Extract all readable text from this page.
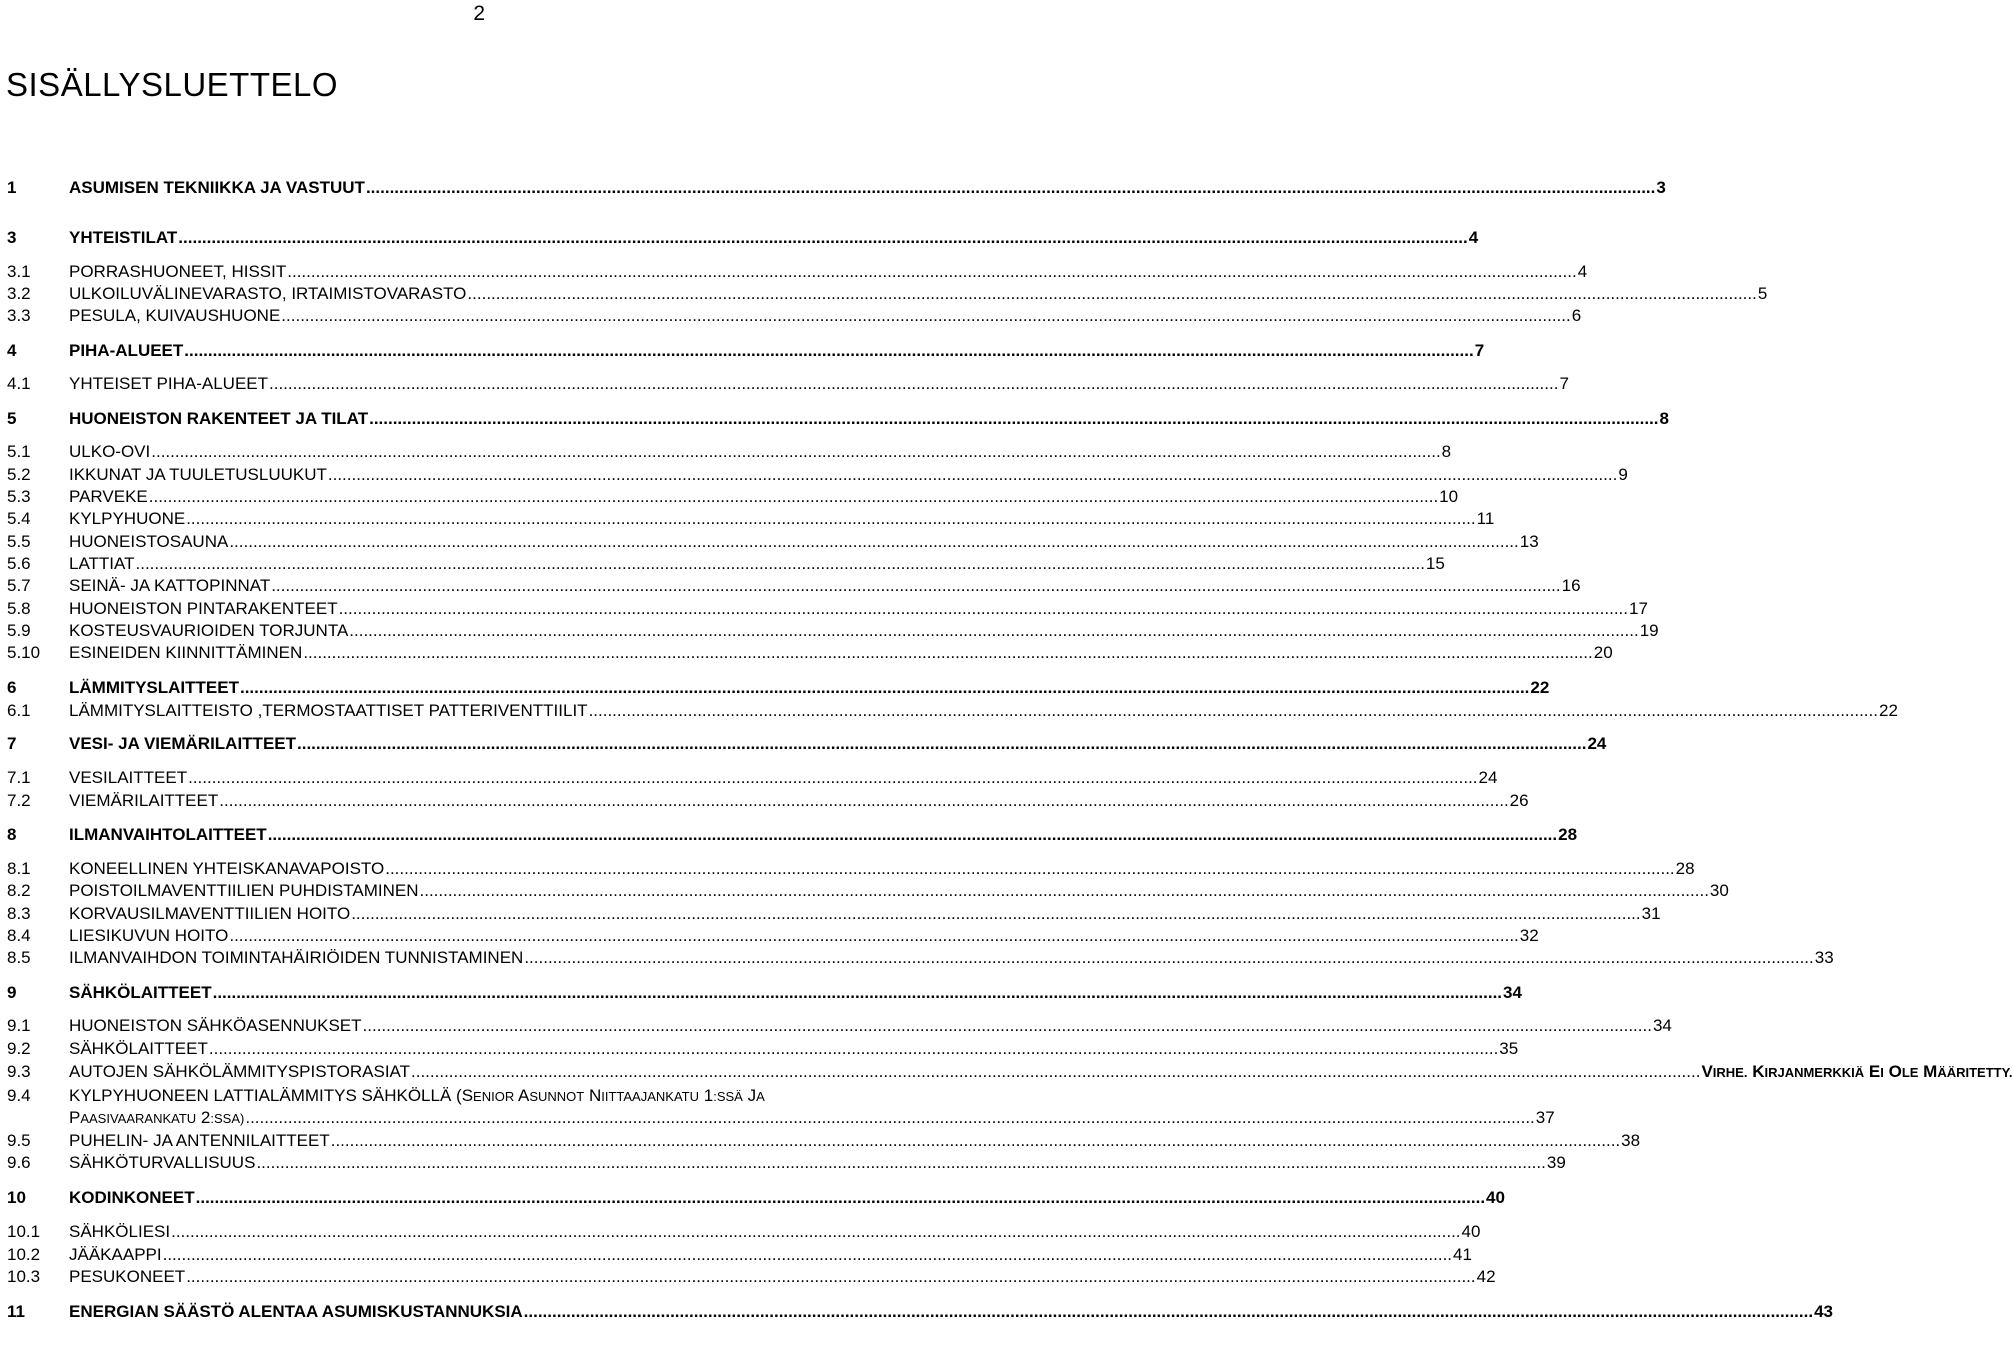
2
SISÄLLYSLUETTELO
1	ASUMISEN TEKNIIKKA JA VASTUUT .....	3
3	YHTEISTILAT .....	4
3.1	PORRASHUONEET, HISSIT .....	4
3.2	ULKOILUVÄLINEVARASTO, IRTAIMISTOVARASTO .....	5
3.3	PESULA, KUIVAUSHUONE .....	6
4	PIHA-ALUEET .....	7
4.1	YHTEISET PIHA-ALUEET .....	7
5	HUONEISTON RAKENTEET JA TILAT .....	8
5.1	ULKO-OVI .....	8
5.2	IKKUNAT JA TUULETUSLUUKUT .....	9
5.3	PARVEKE .....	10
5.4	KYLPYHUONE .....	11
5.5	HUONEISTOSAUNA .....	13
5.6	LATTIAT .....	15
5.7	SEINÄ- JA KATTOPINNAT .....	16
5.8	HUONEISTON PINTARAKENTEET .....	17
5.9	KOSTEUSVAURIOIDEN TORJUNTA .....	19
5.10	ESINEIDEN KIINNITTÄMINEN .....	20
6	LÄMMITYSLAITTEET .....	22
6.1	LÄMMITYSLAITTEISTO ,TERMOSTAATTISET PATTERIVENTTIILIT .....	22
7	VESI- JA VIEMÄRILAITTEET .....	24
7.1	VESILAITTEET .....	24
7.2	VIEMÄRILAITTEET .....	26
8	ILMANVAIHTOLAITTEET .....	28
8.1	KONEELLINEN YHTEISKANAVAPOISTO .....	28
8.2	POISTOILMAVENTTIILIEN PUHDISTAMINEN .....	30
8.3	KORVAUSILMAVENTTIILIEN HOITO .....	31
8.4	LIESIKUVUN HOITO .....	32
8.5	ILMANVAIHDON TOIMINTAHÄIRIÖIDEN TUNNISTAMINEN .....	33
9	SÄHKÖLAITTEET .....	34
9.1	HUONEISTON SÄHKÖASENNUKSET .....	34
9.2	SÄHKÖLAITTEET .....	35
9.3	AUTOJEN SÄHKÖLÄMMITYSPISTORASIAT .....	VIRHE. KIRJANMERKKIÄ EI OLE MÄÄRITETTY.
9.4	KYLPYHUONEEN LATTIALÄMMITYS SÄHKÖLLÄ (SENIOR ASUNNOT NIITTAAJANKATU 1:SSÄ JA
PAASIVAARANKATU 2:SSA) .....	37
9.5	PUHELIN- JA ANTENNILAITTEET .....	38
9.6	SÄHKÖTURVALLISUUS .....	39
10	KODINKONEET .....	40
10.1	SÄHKÖLIESI .....	40
10.2	JÄÄKAAPPI .....	41
10.3	PESUKONEET .....	42
11	ENERGIAN SÄÄSTÖ ALENTAA ASUMISKUSTANNUKSIA .....	43
